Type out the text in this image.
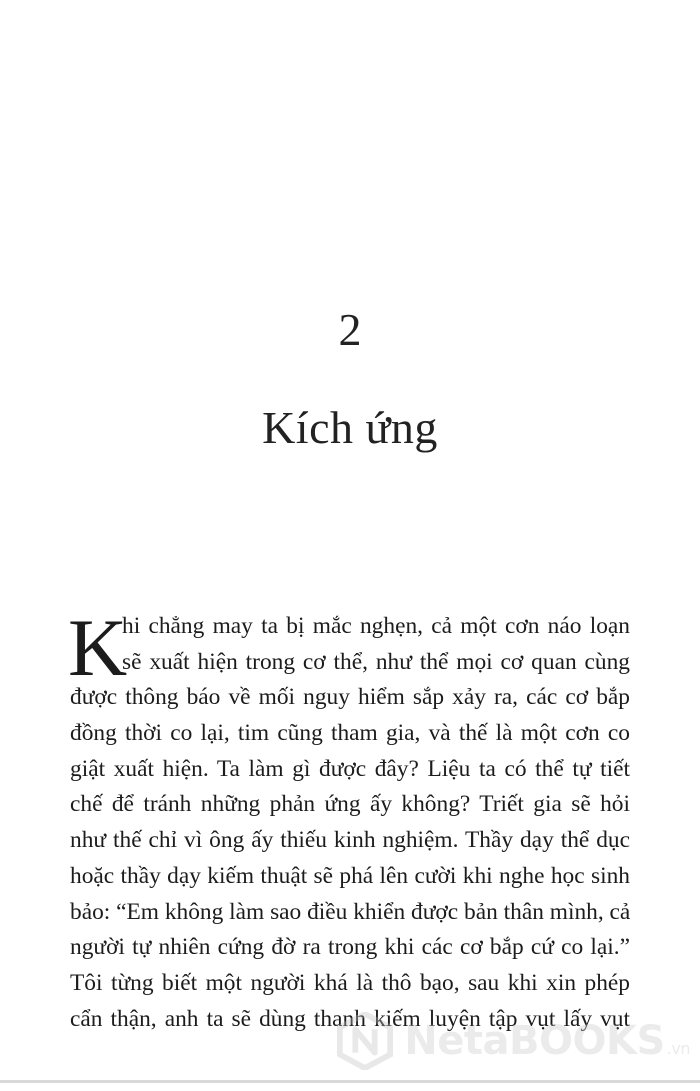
2
Kích ứng
K
hi chẳng may ta bị mắc nghẹn, cả một cơn náo loạn
sẽ xuất hiện trong cơ thể, như thể mọi cơ quan cùng
được thông báo về mối nguy hiểm sắp xảy ra, các cơ bắp
đồng thời co lại, tim cũng tham gia, và thế là một cơn co
giật xuất hiện. Ta làm gì được đây? Liệu ta có thể tự tiết
chế để tránh những phản ứng ấy không? Triết gia sẽ hỏi
như thế chỉ vì ông ấy thiếu kinh nghiệm. Thầy dạy thể dục
hoặc thầy dạy kiếm thuật sẽ phá lên cười khi nghe học sinh
bảo: “Em không làm sao điều khiển được bản thân mình, cả
người tự nhiên cứng đờ ra trong khi các cơ bắp cứ co lại.”
Tôi từng biết một người khá là thô bạo, sau khi xin phép
cẩn thận, anh ta sẽ dùng thanh kiếm luyện tập vụt lấy vụt
NetaBOOKS .vn
